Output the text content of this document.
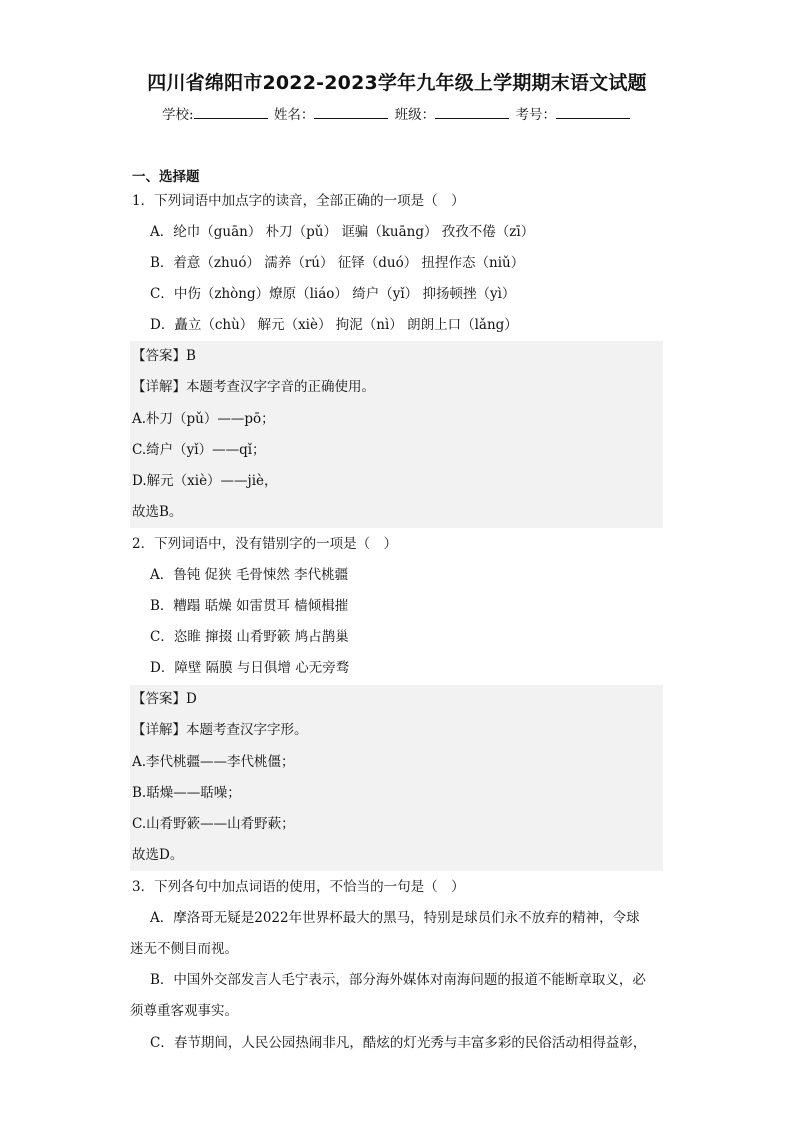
四川省绵阳市2022-2023学年九年级上学期期末语文试题
学校:	姓名：	班级：	考号：
一、选择题
1．下列词语中加点字的读音，全部正确的一项是（　）
A．纶巾（guān） 朴刀（pǔ） 诓骗（kuāng） 孜孜不倦（zī）
B．着意（zhuó） 濡养（rú） 征铎（duó） 扭捏作态（niǔ）
C．中伤（zhòng）燎原（liáo） 绮户（yǐ） 抑扬顿挫（yì）
D．矗立（chù） 解元（xiè） 拘泥（nì） 朗朗上口（lǎng）
【答案】B
【详解】本题考查汉字字音的正确使用。
A.朴刀（pǔ）——pō；
C.绮户（yǐ）——qǐ；
D.解元（xiè）——jiè，
故选B。
2．下列词语中，没有错别字的一项是（　）
A．鲁钝 促狭 毛骨悚然 李代桃疆
B．糟蹋 聒燥 如雷贯耳 樯倾楫摧
C．恣睢 撺掇 山肴野簌 鸠占鹊巢
D．障壁 隔膜 与日俱增 心无旁骛
【答案】D
【详解】本题考查汉字字形。
A.李代桃疆——李代桃僵；
B.聒燥——聒噪；
C.山肴野簌——山肴野蔌；
故选D。
3．下列各句中加点词语的使用，不恰当的一句是（　）
A．摩洛哥无疑是2022年世界杯最大的黑马，特别是球员们永不放弃的精神，令球
迷无不侧目而视。
B．中国外交部发言人毛宁表示，部分海外媒体对南海问题的报道不能断章取义，必
须尊重客观事实。
C．春节期间，人民公园热闹非凡，酷炫的灯光秀与丰富多彩的民俗活动相得益彰，
